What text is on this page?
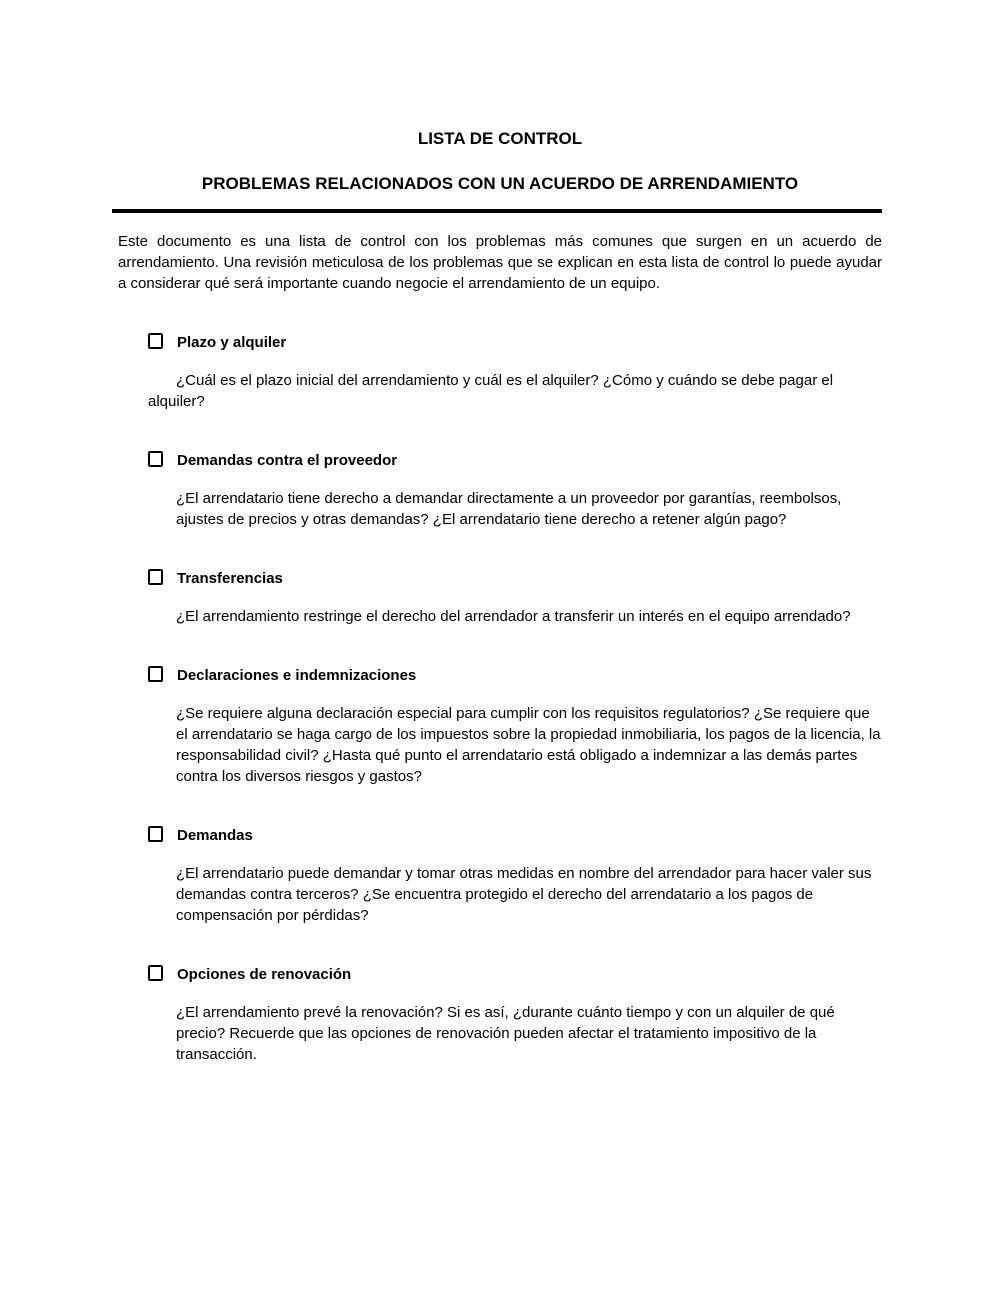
LISTA DE CONTROL
PROBLEMAS RELACIONADOS CON UN ACUERDO DE ARRENDAMIENTO

Este documento es una lista de control con los problemas más comunes que surgen en un acuerdo de arrendamiento. Una revisión meticulosa de los problemas que se explican en esta lista de control lo puede ayudar a considerar qué será importante cuando negocie el arrendamiento de un equipo.

Plazo y alquiler

¿Cuál es el plazo inicial del arrendamiento y cuál es el alquiler? ¿Cómo y cuándo se debe pagar el alquiler?

Demandas contra el proveedor

¿El arrendatario tiene derecho a demandar directamente a un proveedor por garantías, reembolsos, ajustes de precios y otras demandas? ¿El arrendatario tiene derecho a retener algún pago?

Transferencias

¿El arrendamiento restringe el derecho del arrendador a transferir un interés en el equipo arrendado?

Declaraciones e indemnizaciones

¿Se requiere alguna declaración especial para cumplir con los requisitos regulatorios? ¿Se requiere que el arrendatario se haga cargo de los impuestos sobre la propiedad inmobiliaria, los pagos de la licencia, la responsabilidad civil? ¿Hasta qué punto el arrendatario está obligado a indemnizar a las demás partes contra los diversos riesgos y gastos?

Demandas

¿El arrendatario puede demandar y tomar otras medidas en nombre del arrendador para hacer valer sus demandas contra terceros? ¿Se encuentra protegido el derecho del arrendatario a los pagos de compensación por pérdidas?

Opciones de renovación

¿El arrendamiento prevé la renovación? Si es así, ¿durante cuánto tiempo y con un alquiler de qué precio? Recuerde que las opciones de renovación pueden afectar el tratamiento impositivo de la transacción.
